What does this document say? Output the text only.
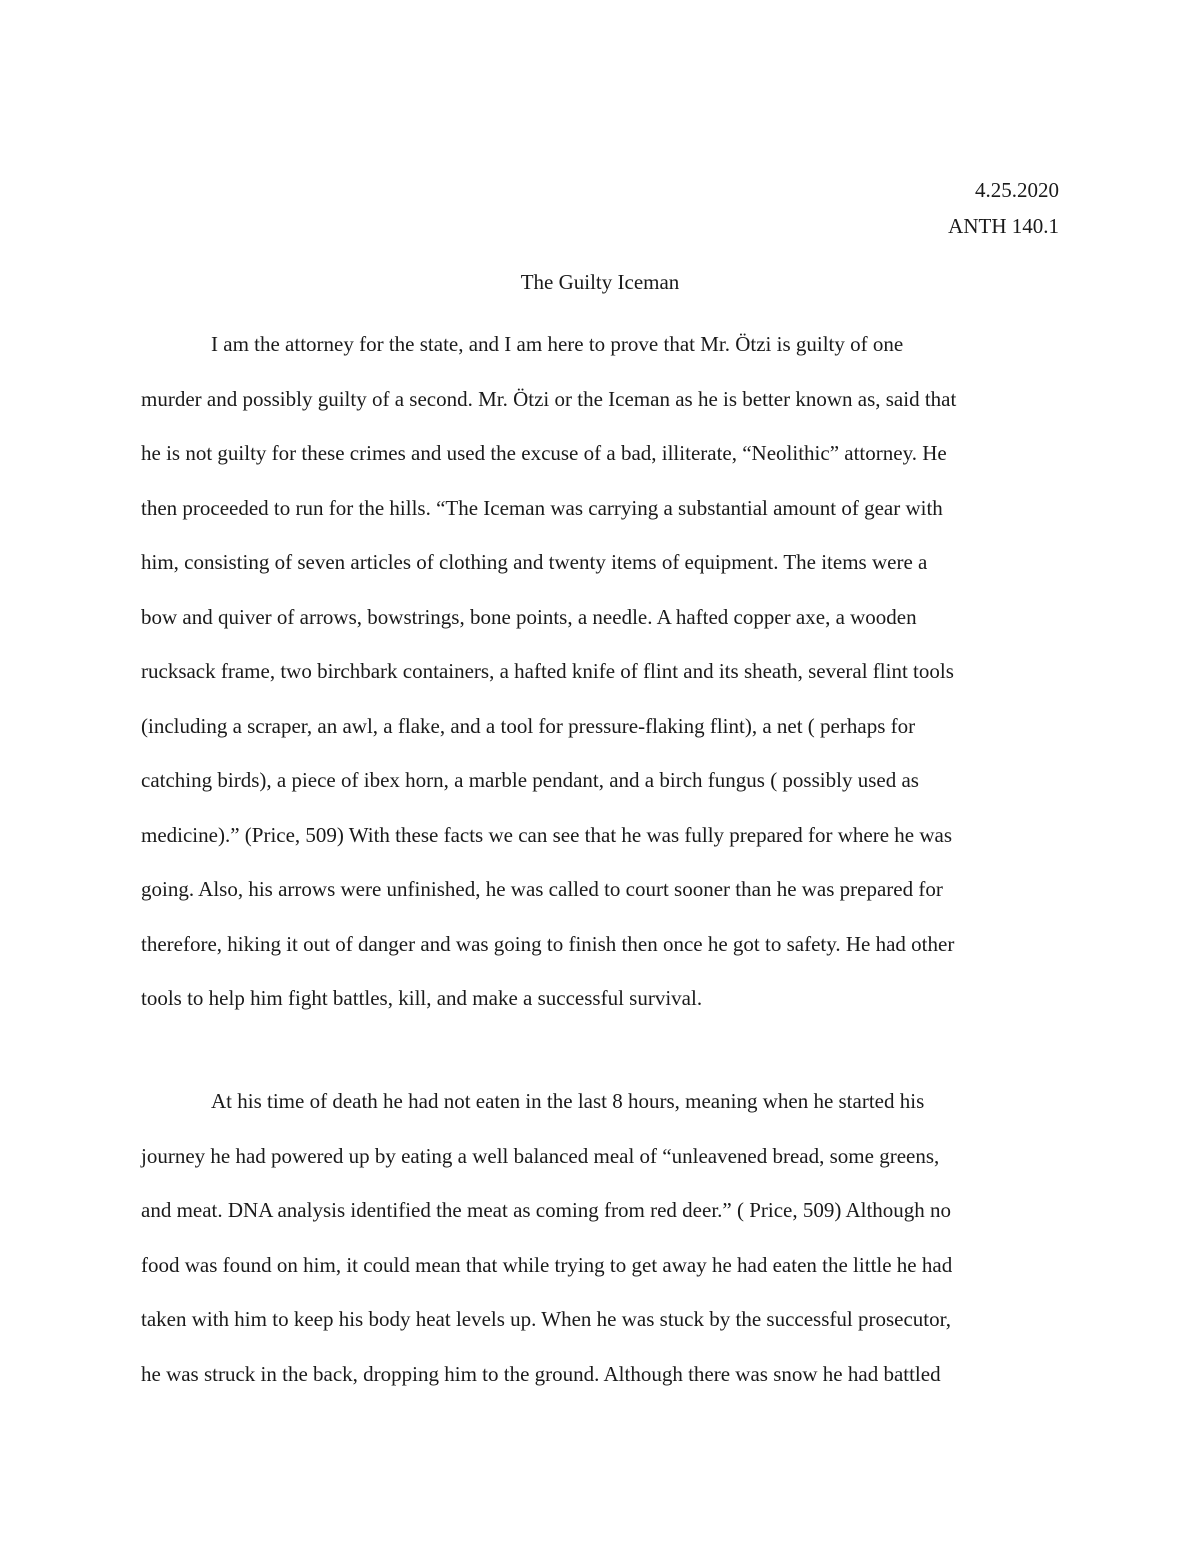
4.25.2020
ANTH 140.1
The Guilty Iceman
I am the attorney for the state, and I am here to prove that Mr. Ötzi is guilty of one
murder and possibly guilty of a second. Mr. Ötzi or the Iceman as he is better known as, said that
he is not guilty for these crimes and used the excuse of a bad, illiterate, “Neolithic” attorney. He
then proceeded to run for the hills. “The Iceman was carrying a substantial amount of gear with
him, consisting of seven articles of clothing and twenty items of equipment. The items were a
bow and quiver of arrows, bowstrings, bone points, a needle. A hafted copper axe, a wooden
rucksack frame, two birchbark containers, a hafted knife of flint and its sheath, several flint tools
(including a scraper, an awl, a flake, and a tool for pressure-flaking flint), a net ( perhaps for
catching birds), a piece of ibex horn, a marble pendant, and a birch fungus ( possibly used as
medicine).” (Price, 509) With these facts we can see that he was fully prepared for where he was
going. Also, his arrows were unfinished, he was called to court sooner than he was prepared for
therefore, hiking it out of danger and was going to finish then once he got to safety. He had other
tools to help him fight battles, kill, and make a successful survival.
At his time of death he had not eaten in the last 8 hours, meaning when he started his
journey he had powered up by eating a well balanced meal of “unleavened bread, some greens,
and meat. DNA analysis identified the meat as coming from red deer.” ( Price, 509) Although no
food was found on him, it could mean that while trying to get away he had eaten the little he had
taken with him to keep his body heat levels up. When he was stuck by the successful prosecutor,
he was struck in the back, dropping him to the ground. Although there was snow he had battled
